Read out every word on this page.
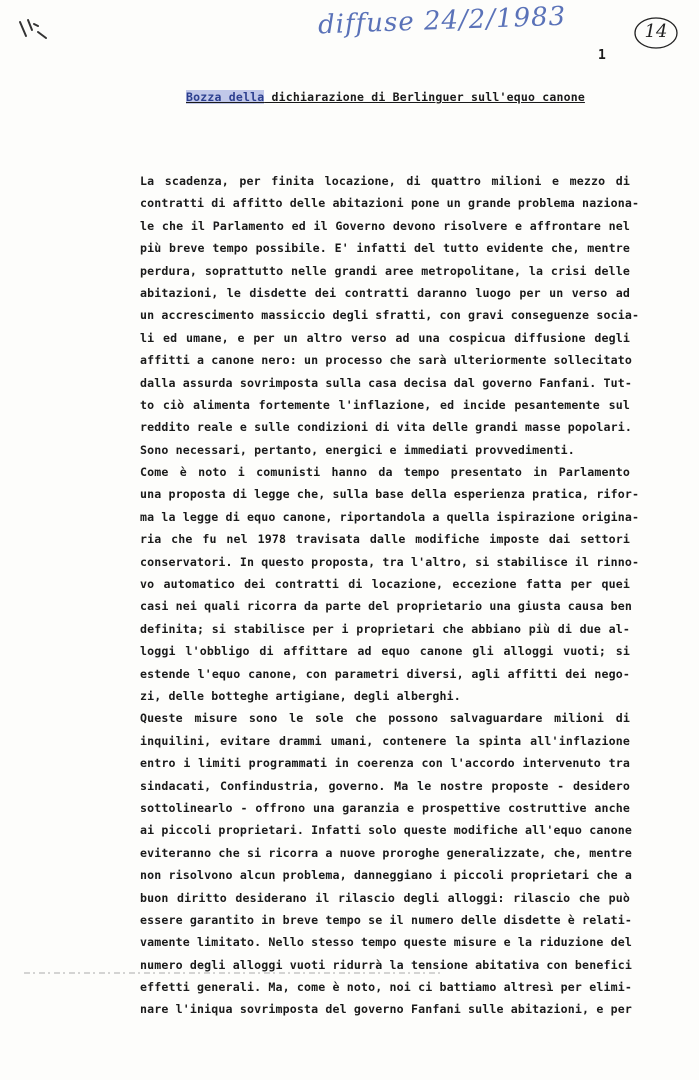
diffuse 24/2/1983	14
1
Bozza della dichiarazione di Berlinguer sull'equo canone
La scadenza, per finita locazione, di quattro milioni e mezzo di
contratti di affitto delle abitazioni pone un grande problema naziona-
le che il Parlamento ed il Governo devono risolvere e affrontare nel
più breve tempo possibile. E' infatti del tutto evidente che, mentre
perdura, soprattutto nelle grandi aree metropolitane, la crisi delle
abitazioni, le disdette dei contratti daranno luogo per un verso ad
un accrescimento massiccio degli sfratti, con gravi conseguenze socia-
li ed umane, e per un altro verso ad una cospicua diffusione degli
affitti a canone nero: un processo che sarà ulteriormente sollecitato
dalla assurda sovrimposta sulla casa decisa dal governo Fanfani. Tut-
to ciò alimenta fortemente l'inflazione, ed incide pesantemente sul
reddito reale e sulle condizioni di vita delle grandi masse popolari.
Sono necessari, pertanto, energici e immediati provvedimenti.
Come è noto i comunisti hanno da tempo presentato in Parlamento
una proposta di legge che, sulla base della esperienza pratica, rifor-
ma la legge di equo canone, riportandola a quella ispirazione origina-
ria che fu nel 1978 travisata dalle modifiche imposte dai settori
conservatori. In questo proposta, tra l'altro, si stabilisce il rinno-
vo automatico dei contratti di locazione, eccezione fatta per quei
casi nei quali ricorra da parte del proprietario una giusta causa ben
definita; si stabilisce per i proprietari che abbiano più di due al-
loggi l'obbligo di affittare ad equo canone gli alloggi vuoti; si
estende l'equo canone, con parametri diversi, agli affitti dei nego-
zi, delle botteghe artigiane, degli alberghi.
Queste misure sono le sole che possono salvaguardare milioni di
inquilini, evitare drammi umani, contenere la spinta all'inflazione
entro i limiti programmati in coerenza con l'accordo intervenuto tra
sindacati, Confindustria, governo. Ma le nostre proposte - desidero
sottolinearlo - offrono una garanzia e prospettive costruttive anche
ai piccoli proprietari. Infatti solo queste modifiche all'equo canone
eviteranno che si ricorra a nuove proroghe generalizzate, che, mentre
non risolvono alcun problema, danneggiano i piccoli proprietari che a
buon diritto desiderano il rilascio degli alloggi: rilascio che può
essere garantito in breve tempo se il numero delle disdette è relati-
vamente limitato. Nello stesso tempo queste misure e la riduzione del
numero degli alloggi vuoti ridurrà la tensione abitativa con benefici
effetti generali. Ma, come è noto, noi ci battiamo altresì per elimi-
nare l'iniqua sovrimposta del governo Fanfani sulle abitazioni, e per
